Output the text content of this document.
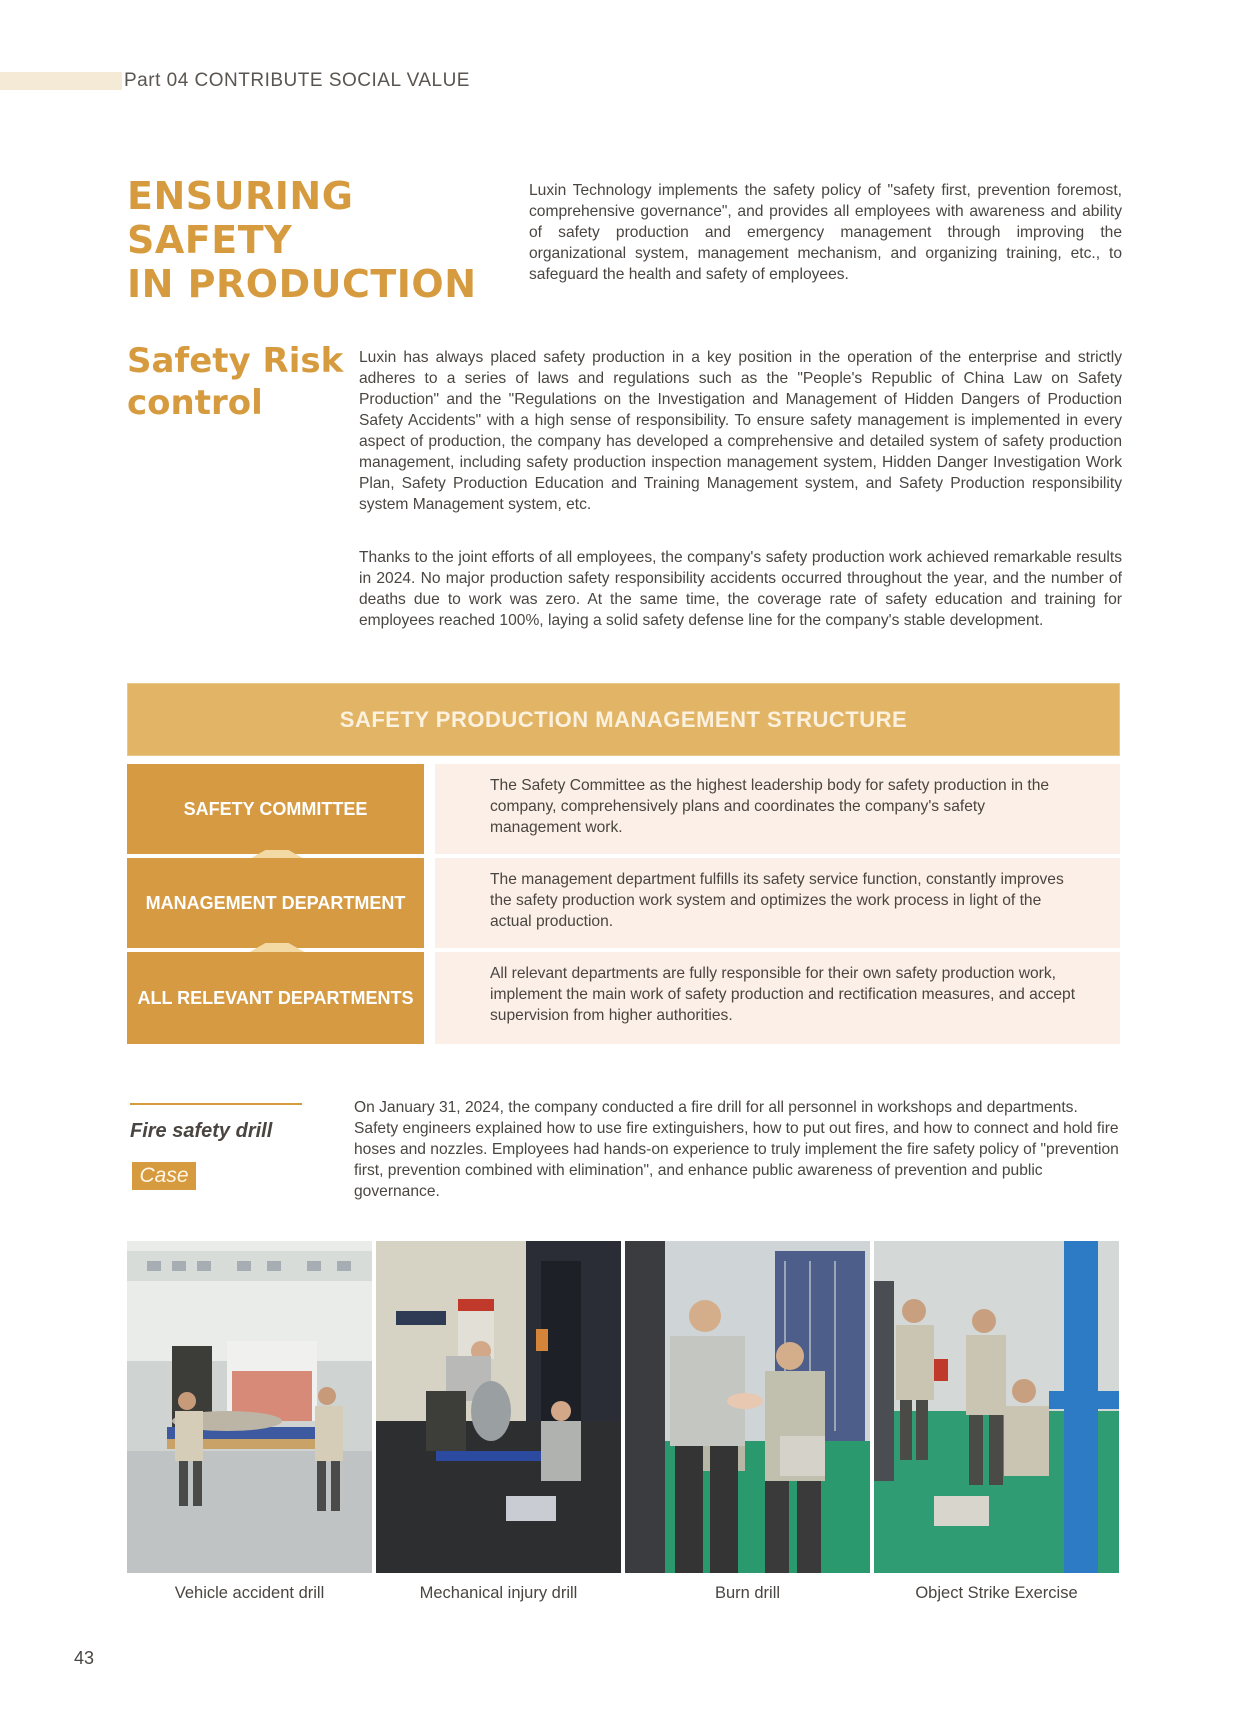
Part 04 CONTRIBUTE SOCIAL VALUE
ENSURING SAFETY
IN PRODUCTION
Luxin Technology implements the safety policy of "safety first, prevention foremost, comprehensive governance", and provides all employees with awareness and ability of safety production and emergency management through improving the organizational system, management mechanism, and organizing training, etc., to safeguard the health and safety of employees.
Safety Risk
control
Luxin has always placed safety production in a key position in the operation of the enterprise and strictly adheres to a series of laws and regulations such as the "People's Republic of China Law on Safety Production" and the "Regulations on the Investigation and Management of Hidden Dangers of Production Safety Accidents" with a high sense of responsibility. To ensure safety management is implemented in every aspect of production, the company has developed a comprehensive and detailed system of safety production management, including safety production inspection management system, Hidden Danger Investigation Work Plan, Safety Production Education and Training Management system, and Safety Production responsibility system Management system, etc.
Thanks to the joint efforts of all employees, the company's safety production work achieved remarkable results in 2024. No major production safety responsibility accidents occurred throughout the year, and the number of deaths due to work was zero. At the same time, the coverage rate of safety education and training for employees reached 100%, laying a solid safety defense line for the company's stable development.
SAFETY PRODUCTION MANAGEMENT STRUCTURE
SAFETY COMMITTEE
The Safety Committee as the highest leadership body for safety production in the company, comprehensively plans and coordinates the company's safety management work.
MANAGEMENT DEPARTMENT
The management department fulfills its safety service function, constantly improves the safety production work system and optimizes the work process in light of the actual production.
ALL RELEVANT DEPARTMENTS
All relevant departments are fully responsible for their own safety production work, implement the main work of safety production and rectification measures, and accept supervision from higher authorities.
Fire safety drill
Case
On January 31, 2024, the company conducted a fire drill for all personnel in workshops and departments. Safety engineers explained how to use fire extinguishers, how to put out fires, and how to connect and hold fire hoses and nozzles. Employees had hands-on experience to truly implement the fire safety policy of "prevention first, prevention combined with elimination", and enhance public awareness of prevention and public governance.
Vehicle accident drill	Mechanical injury drill	Burn drill	Object Strike Exercise
43
